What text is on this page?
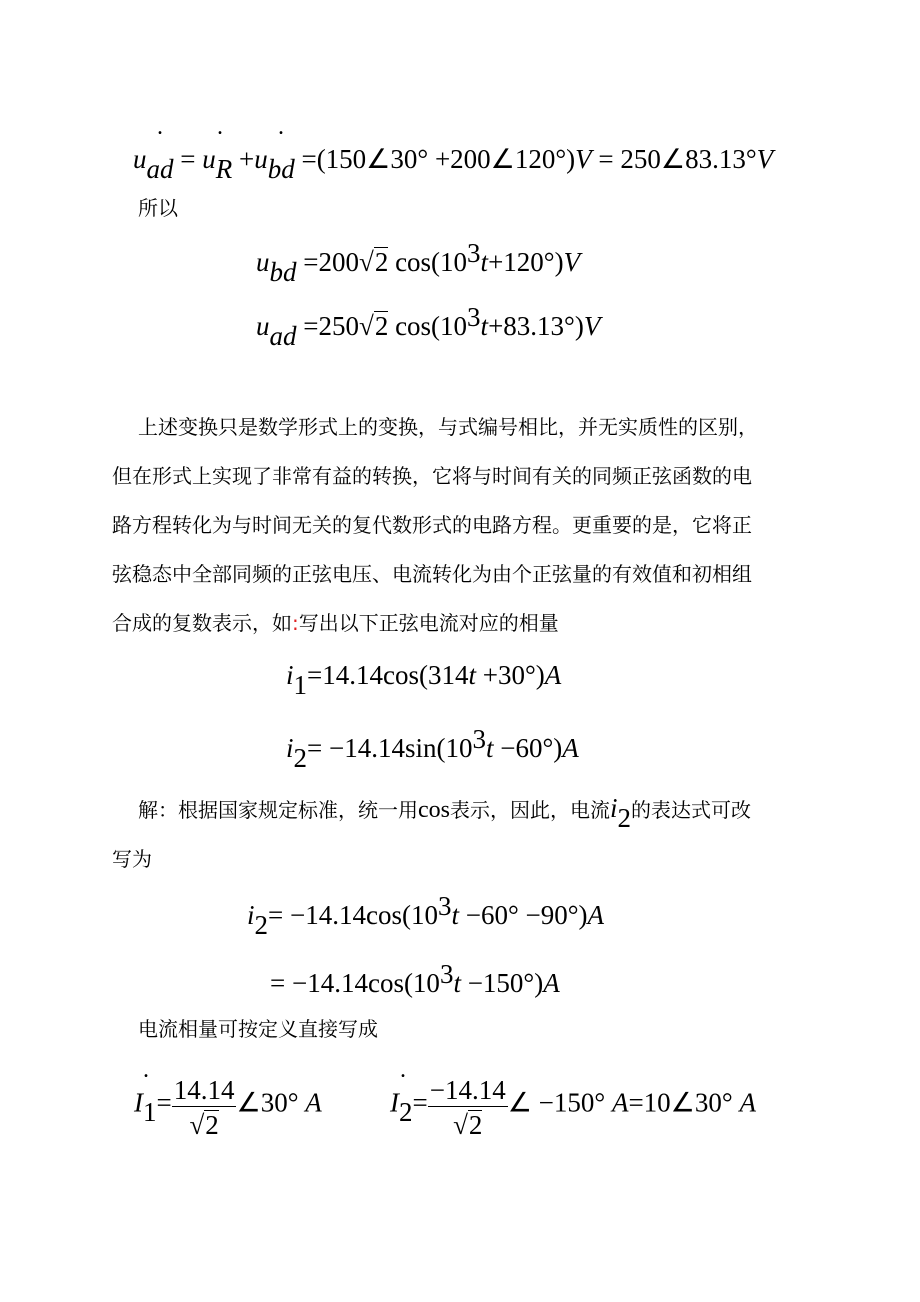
. . .
uad = uR +ubd =(150∠30° +200∠120°)V = 250∠83.13°V
所以
ubd =200√2 cos(103t+120°)V
uad =250√2 cos(103t+83.13°)V
上述变换只是数学形式上的变换，与式编号相比，并无实质性的区别，
但在形式上实现了非常有益的转换，它将与时间有关的同频正弦函数的电
路方程转化为与时间无关的复代数形式的电路方程。更重要的是，它将正
弦稳态中全部同频的正弦电压、电流转化为由个正弦量的有效值和初相组
合成的复数表示，如:写出以下正弦电流对应的相量
i1=14.14cos(314t +30°)A
i2= −14.14sin(103t −60°)A
解：根据国家规定标准，统一用cos表示，因此，电流i2的表达式可改
写为
i2= −14.14cos(103t −60° −90°)A
= −14.14cos(103t −150°)A
电流相量可按定义直接写成
.
$I1= \frac{14.14}{√2}$ ∠30° A
.
$I2= \frac{-14.14}{√2}$ ∠ −150° A=10∠30° A
